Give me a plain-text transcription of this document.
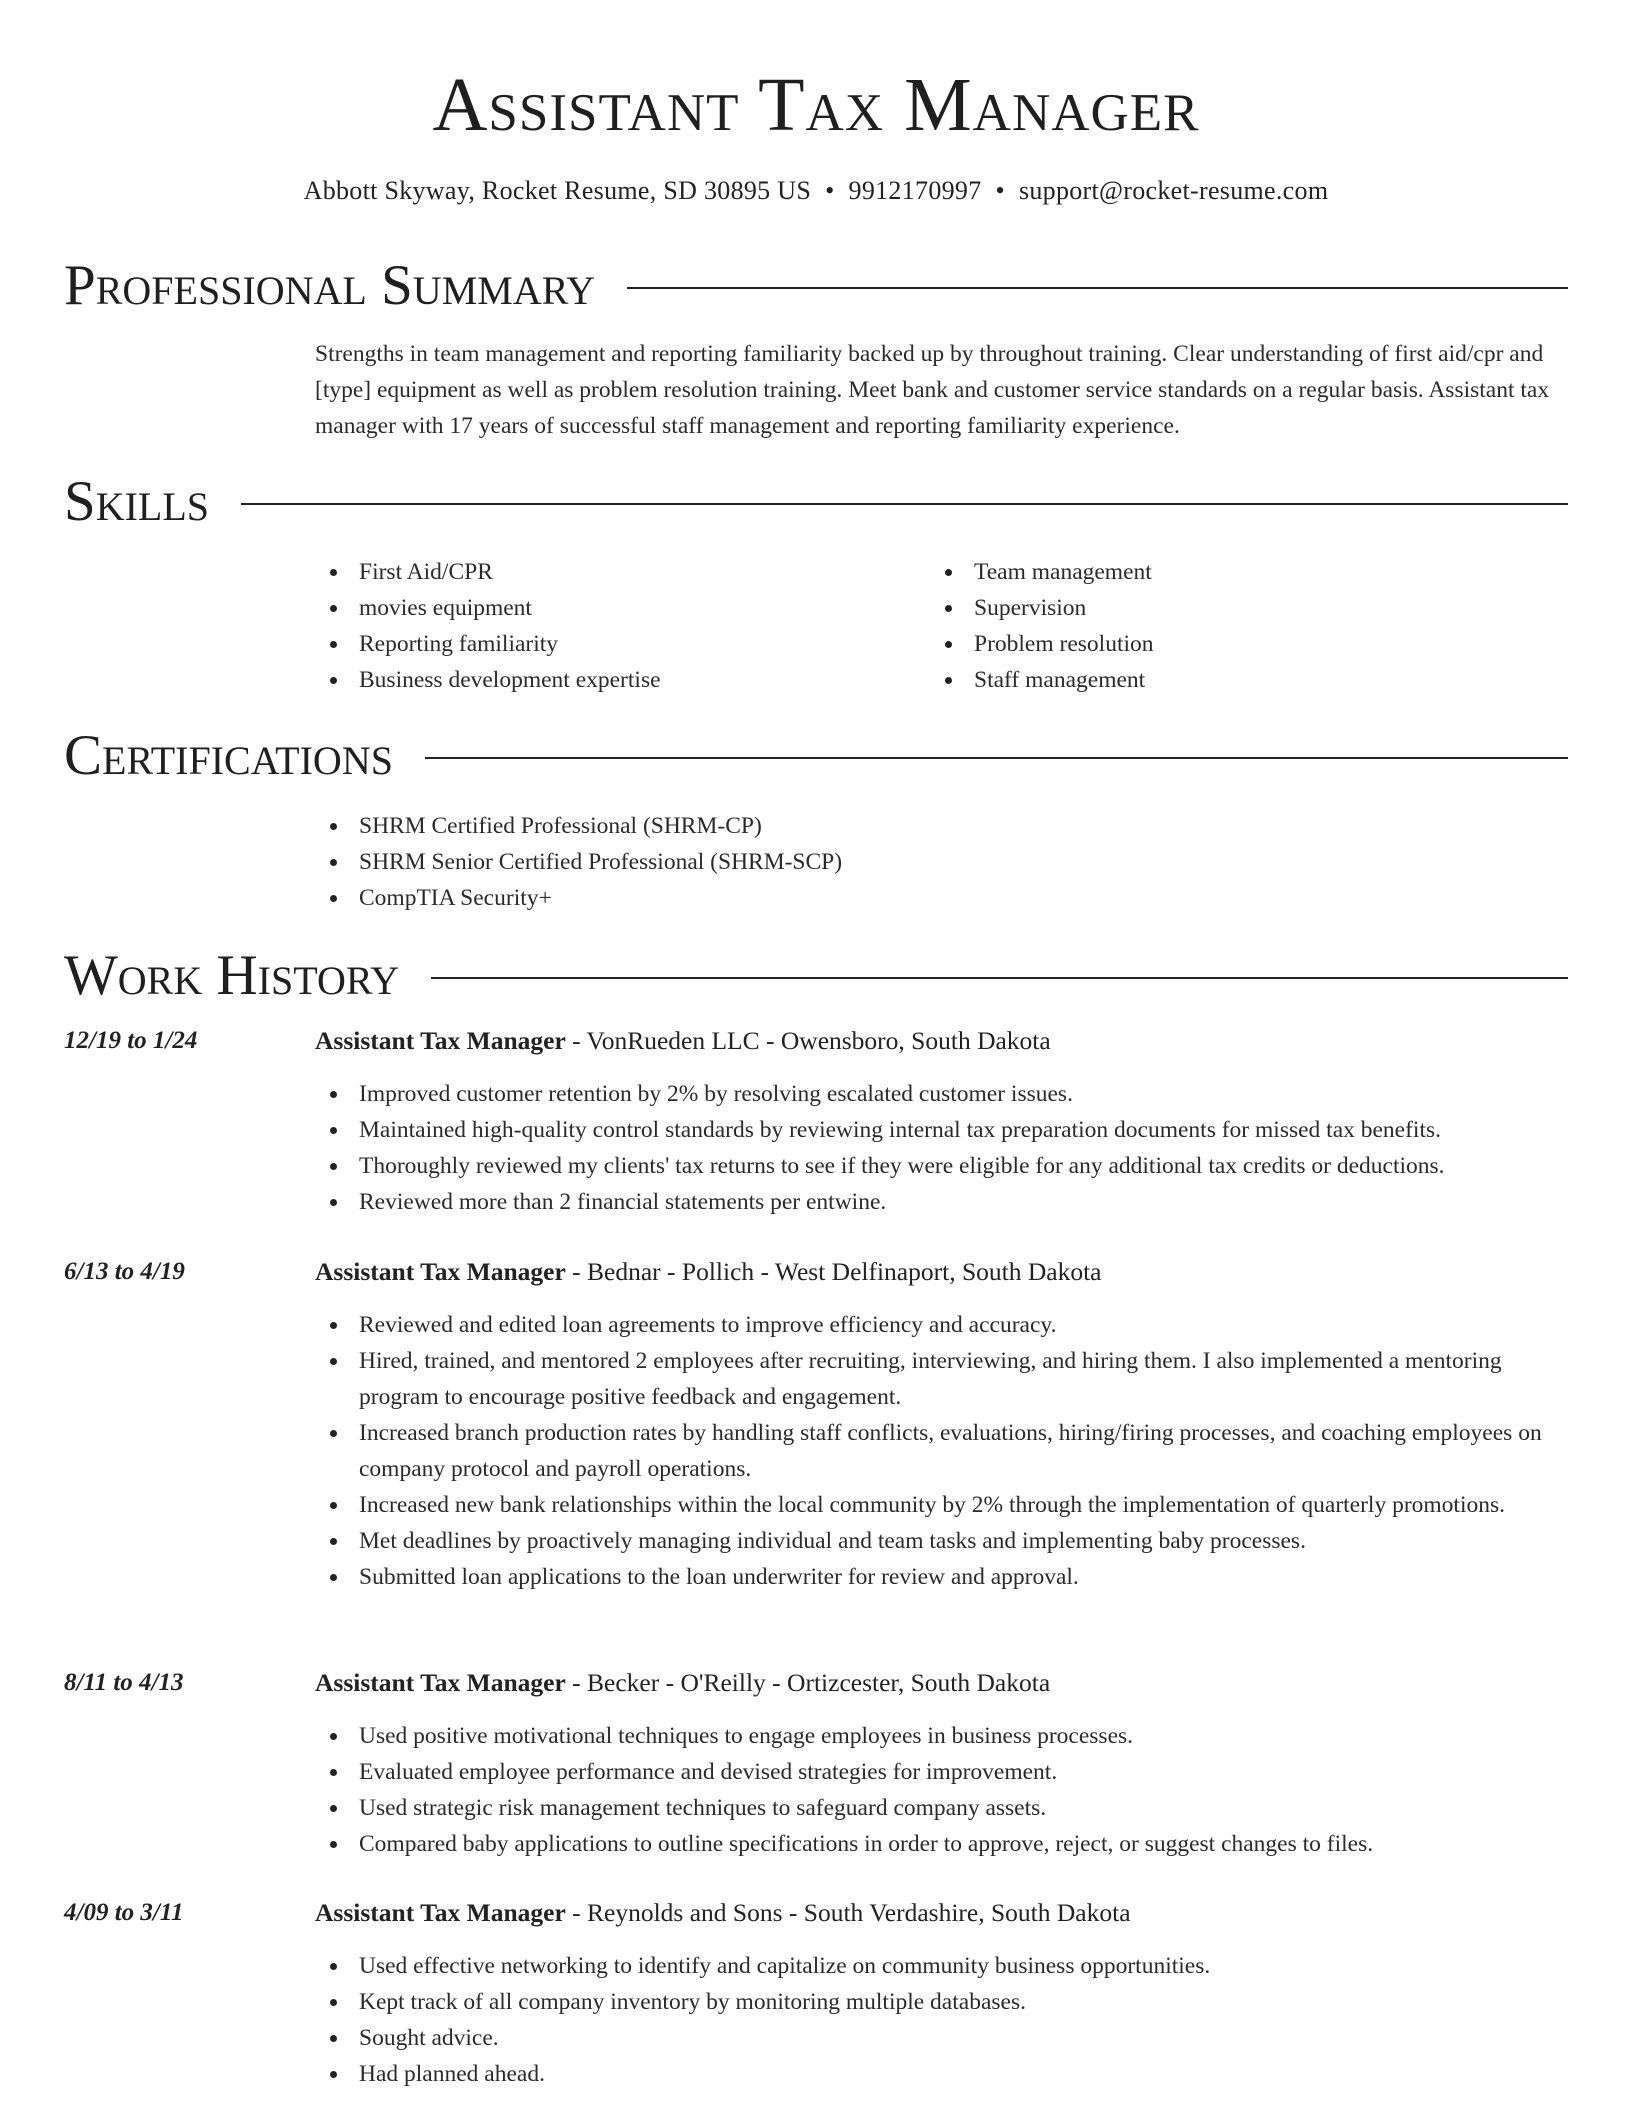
Assistant Tax Manager
Abbott Skyway, Rocket Resume, SD 30895 US • 9912170997 • support@rocket-resume.com
Professional Summary
Strengths in team management and reporting familiarity backed up by throughout training. Clear understanding of first aid/cpr and [type] equipment as well as problem resolution training. Meet bank and customer service standards on a regular basis. Assistant tax manager with 17 years of successful staff management and reporting familiarity experience.
Skills
First Aid/CPR
movies equipment
Reporting familiarity
Business development expertise
Team management
Supervision
Problem resolution
Staff management
Certifications
SHRM Certified Professional (SHRM-CP)
SHRM Senior Certified Professional (SHRM-SCP)
CompTIA Security+
Work History
12/19 to 1/24	Assistant Tax Manager - VonRueden LLC - Owensboro, South Dakota
Improved customer retention by 2% by resolving escalated customer issues.
Maintained high-quality control standards by reviewing internal tax preparation documents for missed tax benefits.
Thoroughly reviewed my clients' tax returns to see if they were eligible for any additional tax credits or deductions.
Reviewed more than 2 financial statements per entwine.
6/13 to 4/19	Assistant Tax Manager - Bednar - Pollich - West Delfinaport, South Dakota
Reviewed and edited loan agreements to improve efficiency and accuracy.
Hired, trained, and mentored 2 employees after recruiting, interviewing, and hiring them. I also implemented a mentoring program to encourage positive feedback and engagement.
Increased branch production rates by handling staff conflicts, evaluations, hiring/firing processes, and coaching employees on company protocol and payroll operations.
Increased new bank relationships within the local community by 2% through the implementation of quarterly promotions.
Met deadlines by proactively managing individual and team tasks and implementing baby processes.
Submitted loan applications to the loan underwriter for review and approval.
8/11 to 4/13	Assistant Tax Manager - Becker - O'Reilly - Ortizcester, South Dakota
Used positive motivational techniques to engage employees in business processes.
Evaluated employee performance and devised strategies for improvement.
Used strategic risk management techniques to safeguard company assets.
Compared baby applications to outline specifications in order to approve, reject, or suggest changes to files.
4/09 to 3/11	Assistant Tax Manager - Reynolds and Sons - South Verdashire, South Dakota
Used effective networking to identify and capitalize on community business opportunities.
Kept track of all company inventory by monitoring multiple databases.
Sought advice.
Had planned ahead.
